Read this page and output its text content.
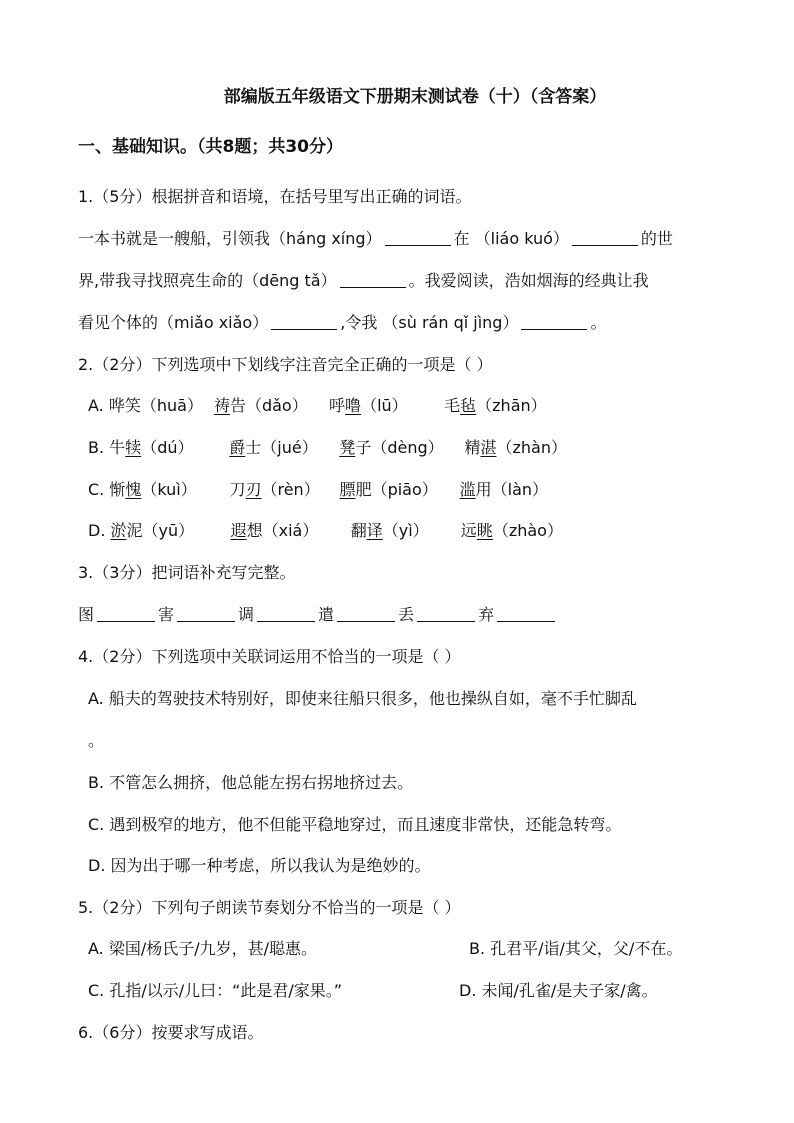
部编版五年级语文下册期末测试卷（十）（含答案）
一、基础知识。（共8题；共30分）
1.（5分）根据拼音和语境，在括号里写出正确的词语。
一本书就是一艘船，引领我（háng xíng）	在 （liáo kuó）	的世
界,带我寻找照亮生命的（dēng tǎ）	。我爱阅读，浩如烟海的经典让我
看见个体的（miǎo xiǎo）	,令我 （sù rán qǐ jìng）	。
2.（2分）下列选项中下划线字注音完全正确的一项是（ ）
A. 哗笑（huā） 祷告（dǎo） 呼噜（lū） 毛毡（zhān）
B. 牛犊（dú） 爵士（jué） 凳子（dèng） 精湛（zhàn）
C. 惭愧（kuì） 刀刃（rèn） 膘肥（piāo） 滥用（làn）
D. 淤泥（yū） 遐想（xiá） 翻译（yì） 远眺（zhào）
3.（3分）把词语补充写完整。
图	害	调	遣	丢	弃
4.（2分）下列选项中关联词运用不恰当的一项是（ ）
A. 船夫的驾驶技术特别好，即使来往船只很多，他也操纵自如，毫不手忙脚乱
。
B. 不管怎么拥挤，他总能左拐右拐地挤过去。
C. 遇到极窄的地方，他不但能平稳地穿过，而且速度非常快，还能急转弯。
D. 因为出于哪一种考虑，所以我认为是绝妙的。
5.（2分）下列句子朗读节奏划分不恰当的一项是（ ）
A. 梁国/杨氏子/九岁，甚/聪惠。	B. 孔君平/诣/其父，父/不在。
C. 孔指/以示/儿曰：“此是君/家果。”	D. 未闻/孔雀/是夫子家/禽。
6.（6分）按要求写成语。
